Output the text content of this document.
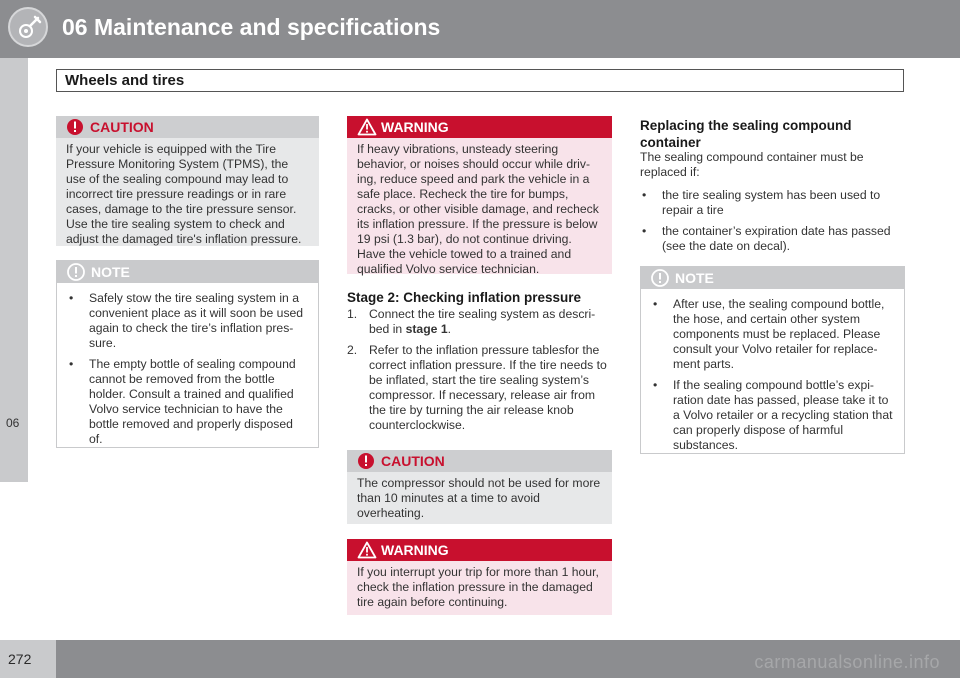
06 Maintenance and specifications
Wheels and tires
06
CAUTION
If your vehicle is equipped with the Tire Pressure Monitoring System (TPMS), the use of the sealing compound may lead to incorrect tire pressure readings or in rare cases, damage to the tire pressure sensor. Use the tire sealing system to check and adjust the damaged tire's inflation pressure.
NOTE
• Safely stow the tire sealing system in a convenient place as it will soon be used again to check the tire’s inflation pres-sure.
• The empty bottle of sealing compound cannot be removed from the bottle holder. Consult a trained and qualified Volvo service technician to have the bottle removed and properly disposed of.
WARNING
If heavy vibrations, unsteady steering behavior, or noises should occur while driv-ing, reduce speed and park the vehicle in a safe place. Recheck the tire for bumps, cracks, or other visible damage, and recheck its inflation pressure. If the pressure is below 19 psi (1.3 bar), do not continue driving. Have the vehicle towed to a trained and qualified Volvo service technician.
Stage 2: Checking inflation pressure
1. Connect the tire sealing system as descri-bed in stage 1.
2. Refer to the inflation pressure tablesfor the correct inflation pressure. If the tire needs to be inflated, start the tire sealing system’s compressor. If necessary, release air from the tire by turning the air release knob counterclockwise.
CAUTION
The compressor should not be used for more than 10 minutes at a time to avoid overheating.
WARNING
If you interrupt your trip for more than 1 hour, check the inflation pressure in the damaged tire again before continuing.
Replacing the sealing compound container
The sealing compound container must be replaced if:
• the tire sealing system has been used to repair a tire
• the container’s expiration date has passed (see the date on decal).
NOTE
• After use, the sealing compound bottle, the hose, and certain other system components must be replaced. Please consult your Volvo retailer for replace-ment parts.
• If the sealing compound bottle’s expi-ration date has passed, please take it to a Volvo retailer or a recycling station that can properly dispose of harmful substances.
272	carmanualsonline.info
